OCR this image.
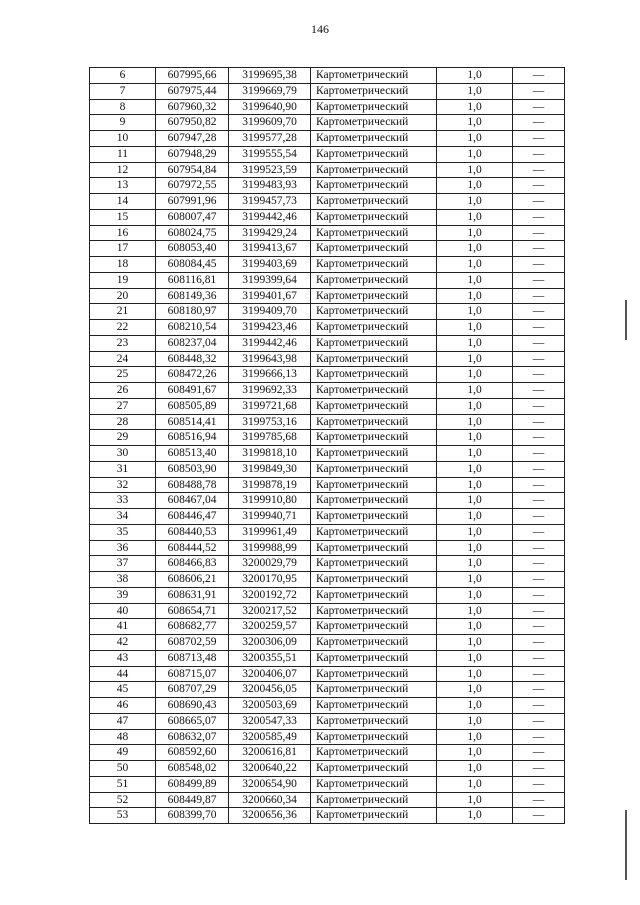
146
6	607995,66	3199695,38	Картометрический	1,0	—
7	607975,44	3199669,79	Картометрический	1,0	—
8	607960,32	3199640,90	Картометрический	1,0	—
9	607950,82	3199609,70	Картометрический	1,0	—
10	607947,28	3199577,28	Картометрический	1,0	—
11	607948,29	3199555,54	Картометрический	1,0	—
12	607954,84	3199523,59	Картометрический	1,0	—
13	607972,55	3199483,93	Картометрический	1,0	—
14	607991,96	3199457,73	Картометрический	1,0	—
15	608007,47	3199442,46	Картометрический	1,0	—
16	608024,75	3199429,24	Картометрический	1,0	—
17	608053,40	3199413,67	Картометрический	1,0	—
18	608084,45	3199403,69	Картометрический	1,0	—
19	608116,81	3199399,64	Картометрический	1,0	—
20	608149,36	3199401,67	Картометрический	1,0	—
21	608180,97	3199409,70	Картометрический	1,0	—
22	608210,54	3199423,46	Картометрический	1,0	—
23	608237,04	3199442,46	Картометрический	1,0	—
24	608448,32	3199643,98	Картометрический	1,0	—
25	608472,26	3199666,13	Картометрический	1,0	—
26	608491,67	3199692,33	Картометрический	1,0	—
27	608505,89	3199721,68	Картометрический	1,0	—
28	608514,41	3199753,16	Картометрический	1,0	—
29	608516,94	3199785,68	Картометрический	1,0	—
30	608513,40	3199818,10	Картометрический	1,0	—
31	608503,90	3199849,30	Картометрический	1,0	—
32	608488,78	3199878,19	Картометрический	1,0	—
33	608467,04	3199910,80	Картометрический	1,0	—
34	608446,47	3199940,71	Картометрический	1,0	—
35	608440,53	3199961,49	Картометрический	1,0	—
36	608444,52	3199988,99	Картометрический	1,0	—
37	608466,83	3200029,79	Картометрический	1,0	—
38	608606,21	3200170,95	Картометрический	1,0	—
39	608631,91	3200192,72	Картометрический	1,0	—
40	608654,71	3200217,52	Картометрический	1,0	—
41	608682,77	3200259,57	Картометрический	1,0	—
42	608702,59	3200306,09	Картометрический	1,0	—
43	608713,48	3200355,51	Картометрический	1,0	—
44	608715,07	3200406,07	Картометрический	1,0	—
45	608707,29	3200456,05	Картометрический	1,0	—
46	608690,43	3200503,69	Картометрический	1,0	—
47	608665,07	3200547,33	Картометрический	1,0	—
48	608632,07	3200585,49	Картометрический	1,0	—
49	608592,60	3200616,81	Картометрический	1,0	—
50	608548,02	3200640,22	Картометрический	1,0	—
51	608499,89	3200654,90	Картометрический	1,0	—
52	608449,87	3200660,34	Картометрический	1,0	—
53	608399,70	3200656,36	Картометрический	1,0	—
